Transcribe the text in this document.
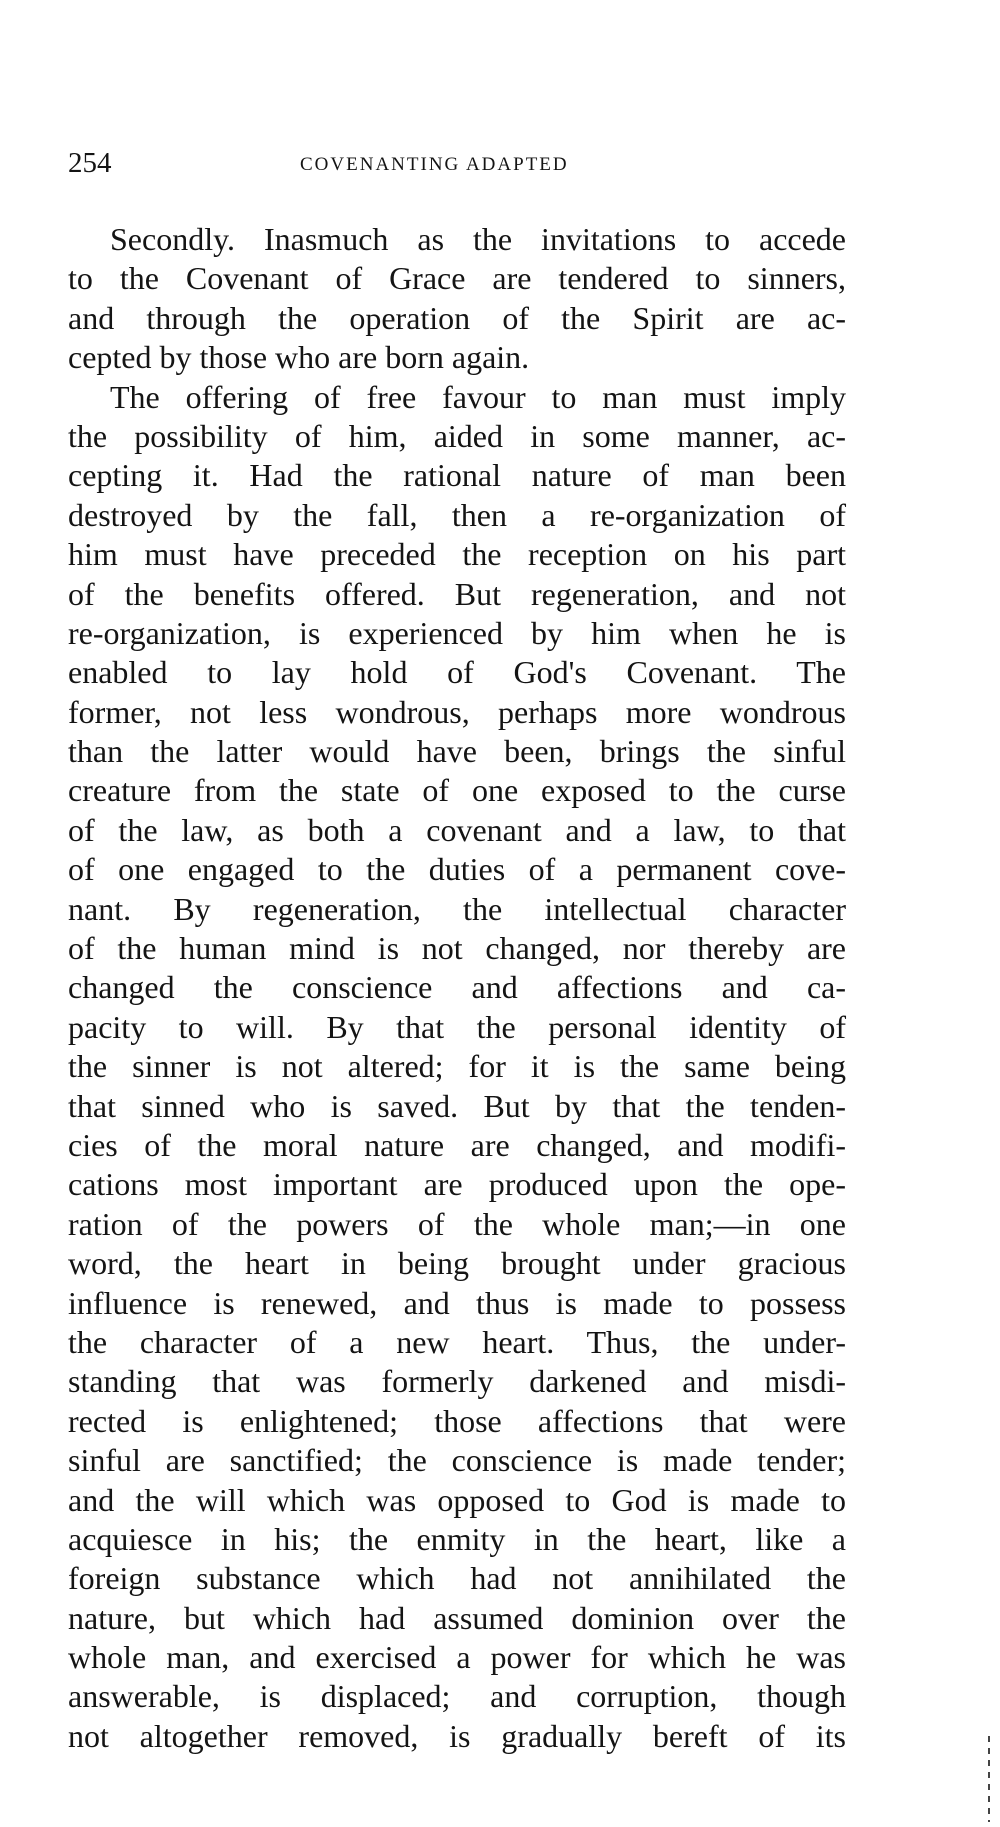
254	COVENANTING ADAPTED
Secondly. Inasmuch as the invitations to accede
to the Covenant of Grace are tendered to sinners,
and through the operation of the Spirit are ac-
cepted by those who are born again.
The offering of free favour to man must imply
the possibility of him, aided in some manner, ac-
cepting it. Had the rational nature of man been
destroyed by the fall, then a re-organization of
him must have preceded the reception on his part
of the benefits offered. But regeneration, and not
re-organization, is experienced by him when he is
enabled to lay hold of God's Covenant. The
former, not less wondrous, perhaps more wondrous
than the latter would have been, brings the sinful
creature from the state of one exposed to the curse
of the law, as both a covenant and a law, to that
of one engaged to the duties of a permanent cove-
nant. By regeneration, the intellectual character
of the human mind is not changed, nor thereby are
changed the conscience and affections and ca-
pacity to will. By that the personal identity of
the sinner is not altered; for it is the same being
that sinned who is saved. But by that the tenden-
cies of the moral nature are changed, and modifi-
cations most important are produced upon the ope-
ration of the powers of the whole man;—in one
word, the heart in being brought under gracious
influence is renewed, and thus is made to possess
the character of a new heart. Thus, the under-
standing that was formerly darkened and misdi-
rected is enlightened; those affections that were
sinful are sanctified; the conscience is made tender;
and the will which was opposed to God is made to
acquiesce in his; the enmity in the heart, like a
foreign substance which had not annihilated the
nature, but which had assumed dominion over the
whole man, and exercised a power for which he was
answerable, is displaced; and corruption, though
not altogether removed, is gradually bereft of its
